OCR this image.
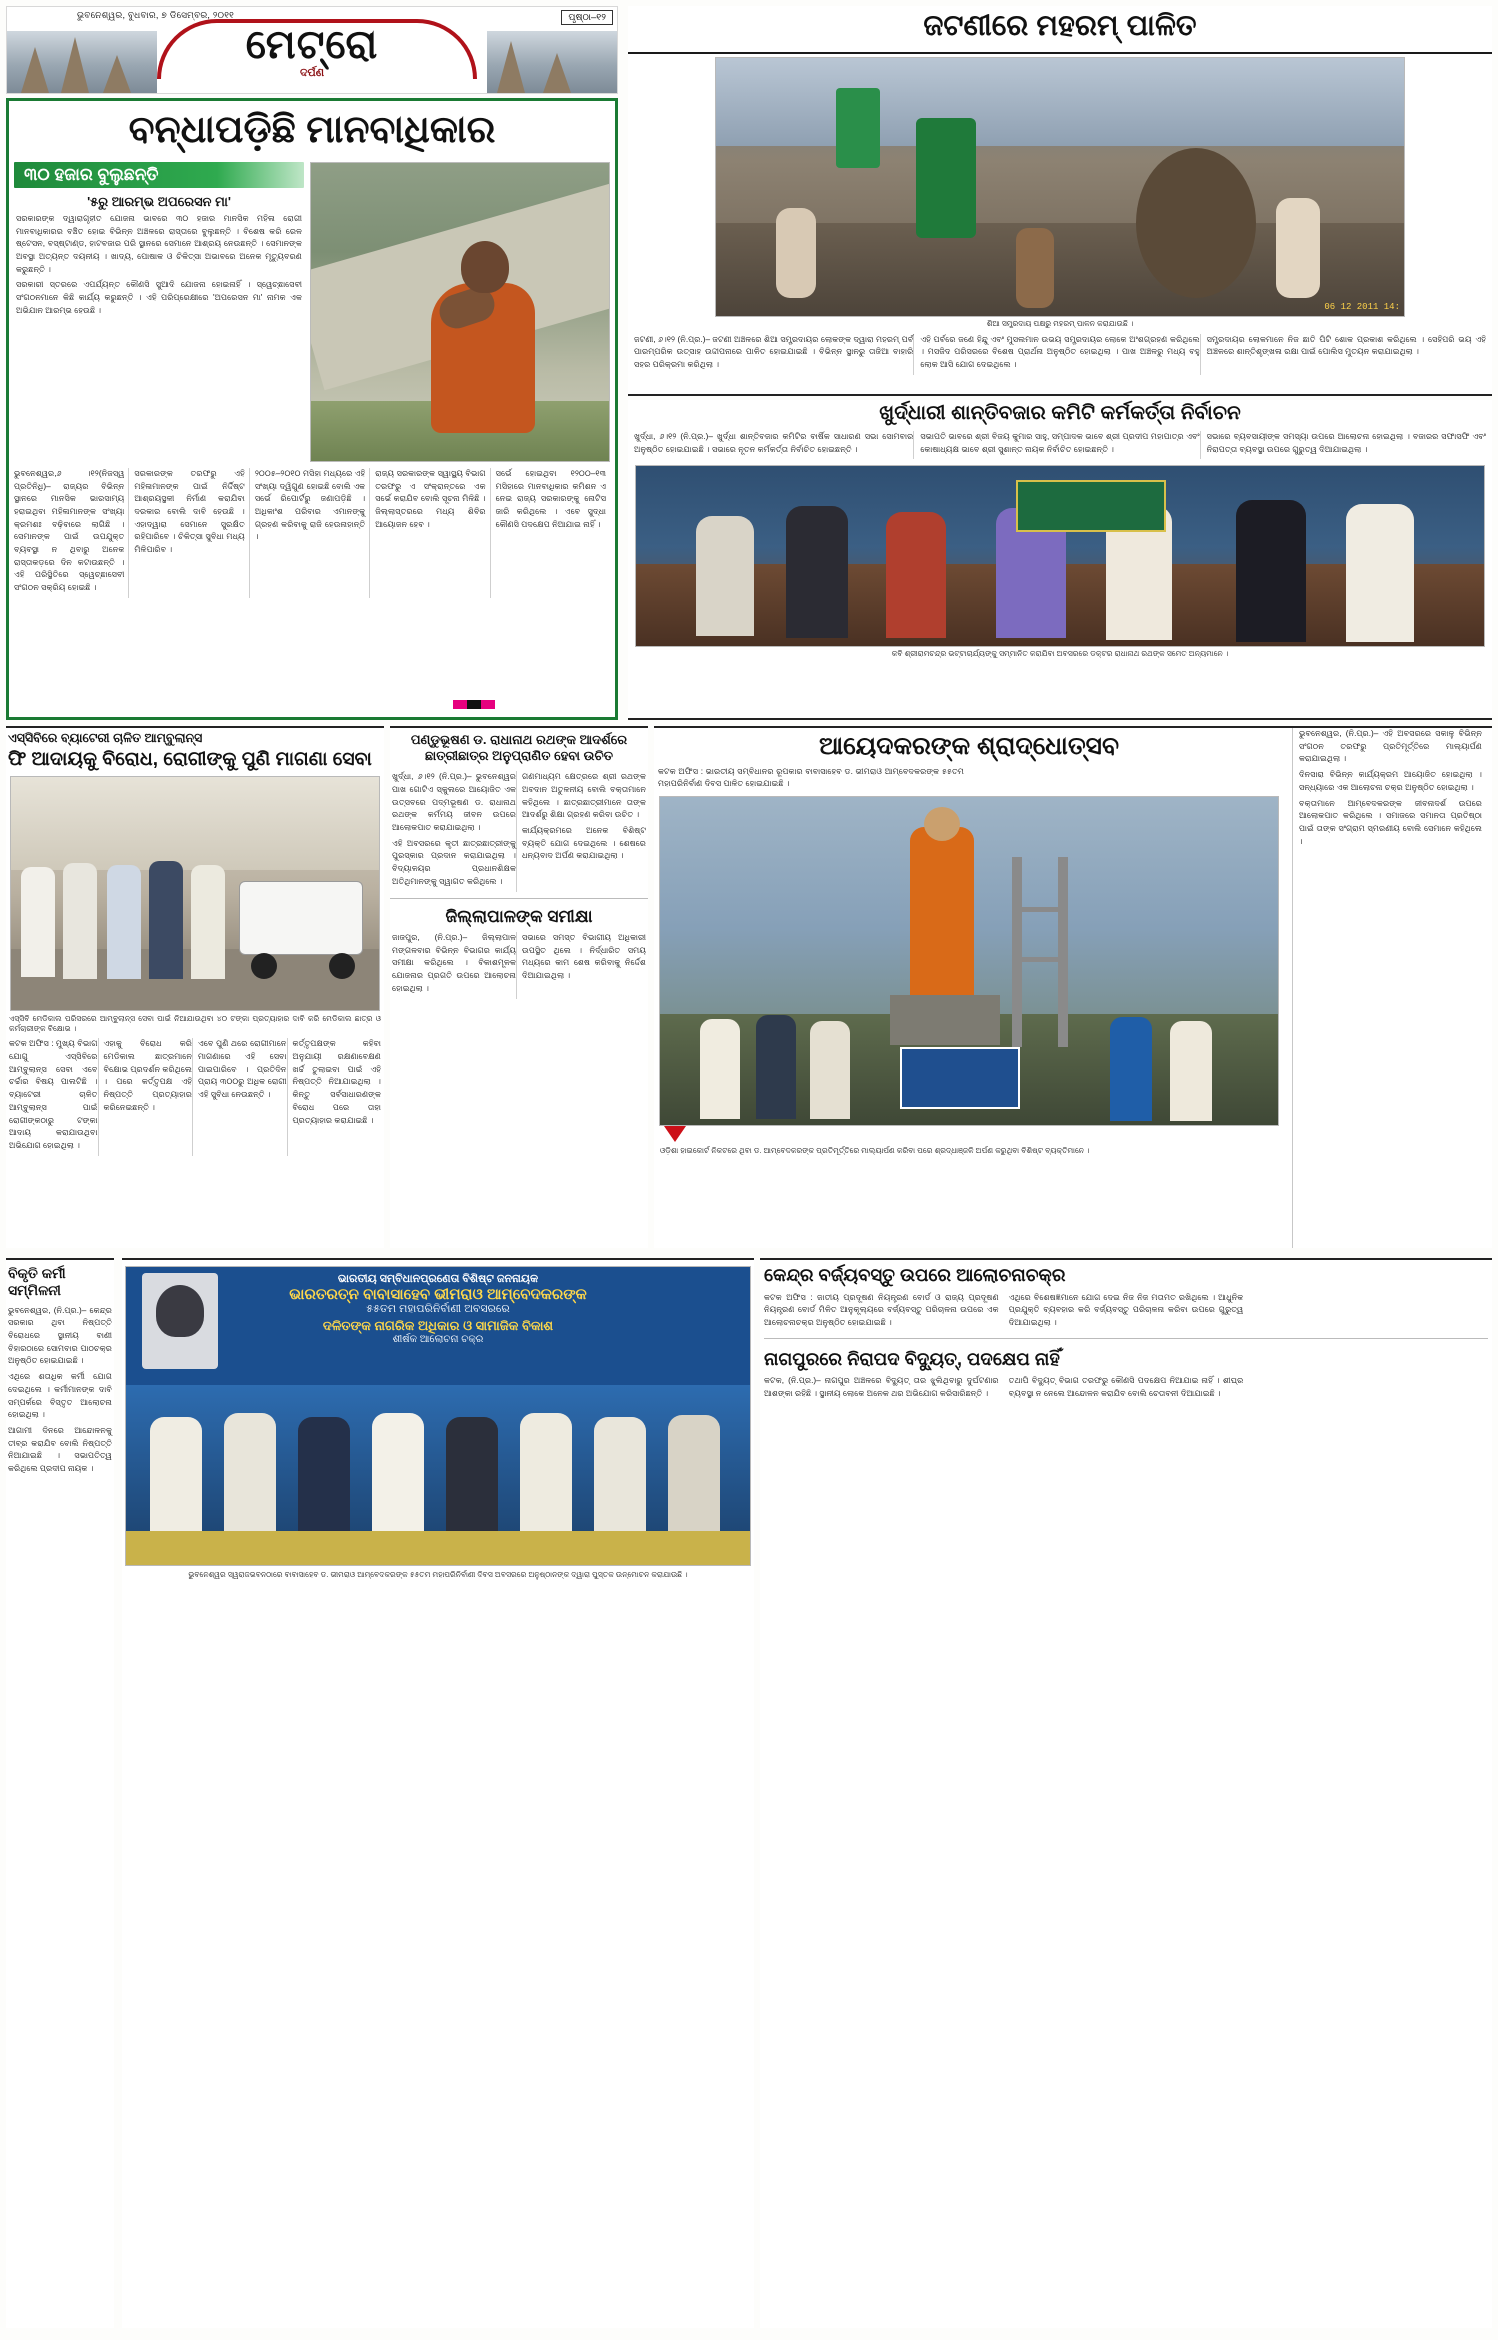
ଭୁବନେଶ୍ୱର, ବୁଧବାର, ୭ ଡିସେମ୍ବର, ୨୦୧୧	ପୃଷ୍ଠା–୧୨
ମେଟ୍ରୋ
ଦର୍ପଣ
ବନ୍ଧାପଡ଼ିଛି ମାନବାଧିକାର
୩୦ ହଜାର ବୁଲୁଛନ୍ତି
'୫ରୁ ଆରମ୍ଭ ଅପରେସନ ମା'

ସରକାରଙ୍କ ଦ୍ୱାରାଗୃହୀତ ଯୋଜନା ଭାବରେ ୩୦ ହଜାର ମାନସିକ ମହିଳା ରୋଗୀ ମାନବାଧିକାରର ବଞ୍ଚିତ ହୋଇ ବିଭିନ୍ନ ଅଞ୍ଚଳରେ ରାସ୍ତାରେ ବୁଲୁଛନ୍ତି । ବିଶେଷ କରି ରେଳ ଷ୍ଟେସନ, ବସ୍‌ଷ୍ଟାଣ୍ଡ, ହାଟବଜାର ପରି ସ୍ଥାନରେ ସେମାନେ ଆଶ୍ରୟ ନେଉଛନ୍ତି । ସେମାନଙ୍କ ଅବସ୍ଥା ଅତ୍ୟନ୍ତ ଦୟନୀୟ । ଖାଦ୍ୟ, ପୋଷାକ ଓ ଚିକିତ୍ସା ଅଭାବରେ ଅନେକ ମୃତ୍ୟୁବରଣ କରୁଛନ୍ତି ।

ସରକାରୀ ସ୍ତରରେ ଏପର୍ଯ୍ୟନ୍ତ କୌଣସି ସୁଆଦି ଯୋଜନା ହୋଇନାହିଁ । ସ୍ୱେଚ୍ଛାସେବୀ ସଂଗଠନମାନେ କିଛି କାର୍ଯ୍ୟ କରୁଛନ୍ତି । ଏହି ପରିପ୍ରେକ୍ଷୀରେ 'ଅପରେସନ ମା' ନାମକ ଏକ ଅଭିଯାନ ଆରମ୍ଭ ହେଉଛି ।

ଭୁବନେଶ୍ୱର,୬ ।୧୨(ନିଜସ୍ୱ ପ୍ରତିନିଧି)– ରାଜ୍ୟର ବିଭିନ୍ନ ସ୍ଥାନରେ ମାନସିକ ଭାରସାମ୍ୟ ହରାଇଥିବା ମହିଳାମାନଙ୍କ ସଂଖ୍ୟା କ୍ରମଶଃ ବଢ଼ିବାରେ ଲାଗିଛି । ସେମାନଙ୍କ ପାଇଁ ଉପଯୁକ୍ତ ବ୍ୟବସ୍ଥା ନ ଥିବାରୁ ଅନେକ ରାସ୍ତାକଡ଼ରେ ଦିନ କଟାଉଛନ୍ତି । ଏହି ପରିସ୍ଥିତିରେ ସ୍ୱେଚ୍ଛାସେବୀ ସଂଗଠନ ସକ୍ରିୟ ହୋଇଛି ।

ସରକାରଙ୍କ ତରଫରୁ ଏହି ମହିଳାମାନଙ୍କ ପାଇଁ ନିର୍ଦ୍ଦିଷ୍ଟ ଆଶ୍ରୟସ୍ଥଳୀ ନିର୍ମାଣ କରାଯିବା ଦରକାର ବୋଲି ଦାବି ହେଉଛି । ଏହାଦ୍ୱାରା ସେମାନେ ସୁରକ୍ଷିତ ରହିପାରିବେ । ଚିକିତ୍ସା ସୁବିଧା ମଧ୍ୟ ମିଳିପାରିବ ।

୨୦୦୫–୨୦୧୦ ମସିହା ମଧ୍ୟରେ ଏହି ସଂଖ୍ୟା ଦ୍ୱିଗୁଣ ହୋଇଛି ବୋଲି ଏକ ସର୍ଭେ ରିପୋର୍ଟରୁ ଜଣାପଡ଼ିଛି । ଅଧିକାଂଶ ପରିବାର ଏମାନଙ୍କୁ ଗ୍ରହଣ କରିବାକୁ ରାଜି ହେଉନାହାନ୍ତି ।

ରାଜ୍ୟ ସରକାରଙ୍କ ସ୍ୱାସ୍ଥ୍ୟ ବିଭାଗ ତରଫରୁ ଏ ସଂକ୍ରାନ୍ତରେ ଏକ ସର୍ଭେ କରାଯିବ ବୋଲି ସୂଚନା ମିଳିଛି । ଜିଲ୍ଲାସ୍ତରରେ ମଧ୍ୟ ଶିବିର ଆୟୋଜନ ହେବ ।

ସର୍ଭେ ହୋଇଥିବା ୧୨୦୦–୧୩ ମସିହାରେ ମାନବାଧିକାର କମିଶନ ଏ ନେଇ ରାଜ୍ୟ ସରକାରଙ୍କୁ ନୋଟିସ ଜାରି କରିଥିଲେ । ଏବେ ସୁଦ୍ଧା କୌଣସି ପଦକ୍ଷେପ ନିଆଯାଇ ନାହିଁ ।

ଜଟଣୀରେ ମହରମ୍ ପାଳିତ
06 12 2011 14:
ଶିଆ ସମ୍ପ୍ରଦାୟ ପକ୍ଷରୁ ମହରମ୍ ପାଳନ କରାଯାଉଛି ।

ଜଟଣୀ, ୬।୧୨ (ନି.ପ୍ର.)– ଜଟଣୀ ଅଞ୍ଚଳରେ ଶିଆ ସମ୍ପ୍ରଦାୟର ଲୋକଙ୍କ ଦ୍ୱାରା ମହରମ୍ ପର୍ବ ପାରମ୍ପରିକ ଉତ୍ସାହ ଉଦ୍ଦୀପନାରେ ପାଳିତ ହୋଇଯାଇଛି । ବିଭିନ୍ନ ସ୍ଥାନରୁ ତାଜିଆ ବାହାରି ସହର ପରିକ୍ରମା କରିଥିଲା ।

ଏହି ପର୍ବରେ ଜଣେ ହିନ୍ଦୁ ଏବଂ ମୁସଲମାନ ଉଭୟ ସମ୍ପ୍ରଦାୟର ଲୋକେ ଅଂଶଗ୍ରହଣ କରିଥିଲେ । ମସଜିଦ ପରିସରରେ ବିଶେଷ ପ୍ରାର୍ଥନା ଅନୁଷ୍ଠିତ ହୋଇଥିଲା । ପାଖ ଅଞ୍ଚଳରୁ ମଧ୍ୟ ବହୁ ଲୋକ ଆସି ଯୋଗ ଦେଇଥିଲେ ।

ସମ୍ପ୍ରଦାୟର ଲୋକମାନେ ନିଜ ଛାତି ପିଟି ଶୋକ ପ୍ରକାଶ କରିଥିଲେ । ସେହିପରି ଭୟ ଏହି ଅଞ୍ଚଳରେ ଶାନ୍ତିଶୃଙ୍ଖଳା ରକ୍ଷା ପାଇଁ ପୋଲିସ ମୁତୟନ କରାଯାଇଥିଲା ।

ଖୁର୍ଦ୍ଧାରୀ ଶାନ୍ତିବଜାର କମିଟି କର୍ମକର୍ତ୍ତା ନିର୍ବାଚନ

ଖୁର୍ଦ୍ଧା, ୬।୧୨ (ନି.ପ୍ର.)– ଖୁର୍ଦ୍ଧା ଶାନ୍ତିବଜାର କମିଟିର ବାର୍ଷିକ ସାଧାରଣ ସଭା ସୋମବାର ଅନୁଷ୍ଠିତ ହୋଇଯାଇଛି । ସଭାରେ ନୂତନ କର୍ମକର୍ତ୍ତା ନିର୍ବାଚିତ ହୋଇଛନ୍ତି ।

ସଭାପତି ଭାବରେ ଶ୍ରୀ ବିଜୟ କୁମାର ସାହୁ, ସମ୍ପାଦକ ଭାବେ ଶ୍ରୀ ପ୍ରଦୀପ ମହାପାତ୍ର ଏବଂ କୋଷାଧ୍ୟକ୍ଷ ଭାବେ ଶ୍ରୀ ସୁଶାନ୍ତ ନାୟକ ନିର୍ବାଚିତ ହୋଇଛନ୍ତି ।

ସଭାରେ ବ୍ୟବସାୟୀଙ୍କ ସମସ୍ୟା ଉପରେ ଆଲୋଚନା ହୋଇଥିଲା । ବଜାରର ସଫାସଫି ଏବଂ ନିରାପତ୍ତା ବ୍ୟବସ୍ଥା ଉପରେ ଗୁରୁତ୍ୱ ଦିଆଯାଇଥିଲା ।

କବି ଶ୍ରୀରାମଚନ୍ଦ୍ର ଭଟ୍ଟାଚାର୍ଯ୍ୟଙ୍କୁ ସମ୍ମାନିତ କରାଯିବା ଅବସରରେ ଡକ୍ଟର ରାଧାନାଥ ରଥଙ୍କ ସମେତ ଅନ୍ୟମାନେ ।
ଏସ୍‌ସିବିରେ ବ୍ୟାଟେରୀ ଚାଳିତ ଆମ୍ବୁଲାନ୍ସ
ଫି ଆଦାୟକୁ ବିରୋଧ, ରୋଗୀଙ୍କୁ ପୁଣି ମାଗଣା ସେବା
ଏସ୍‌ସିବି ମେଡିକାଲ ପରିସରରେ ଆମ୍ବୁଲାନ୍ସ ସେବା ପାଇଁ ନିଆଯାଉଥିବା ୪୦ ଟଙ୍କା ପ୍ରତ୍ୟାହାର ଦାବି କରି ମେଡିକାଲ ଛାତ୍ର ଓ କର୍ମଚାରୀଙ୍କ ବିକ୍ଷୋଭ ।

କଟକ ଅଫିସ : ମୁଖ୍ୟ ବିଭାଗ ଯୋଗୁ ଏସ୍‌ସିବିରେ ଆମ୍ବୁଲାନ୍ସ ସେବା ଏବେ ଚର୍ଚ୍ଚାର ବିଷୟ ପାଲଟିଛି । ବ୍ୟାଟେରୀ ଚାଳିତ ଆମ୍ବୁଲାନ୍ସ ପାଇଁ ରୋଗୀଙ୍କଠାରୁ ଟଙ୍କା ଆଦାୟ କରାଯାଉଥିବା ଅଭିଯୋଗ ହୋଇଥିଲା ।

ଏହାକୁ ବିରୋଧ କରି ମେଡିକାଲ ଛାତ୍ରମାନେ ବିକ୍ଷୋଭ ପ୍ରଦର୍ଶନ କରିଥିଲେ । ପରେ କର୍ତ୍ତୃପକ୍ଷ ଏହି ନିଷ୍ପତ୍ତି ପ୍ରତ୍ୟାହାର କରିନେଇଛନ୍ତି ।

ଏବେ ପୁଣି ଥରେ ରୋଗୀମାନେ ମାଗଣାରେ ଏହି ସେବା ପାଇପାରିବେ । ପ୍ରତିଦିନ ପ୍ରାୟ ୩୦୦ରୁ ଅଧିକ ରୋଗୀ ଏହି ସୁବିଧା ନେଉଛନ୍ତି ।

କର୍ତ୍ତୃପକ୍ଷଙ୍କ କହିବା ଅନୁଯାୟୀ ରକ୍ଷଣାବେକ୍ଷଣ ଖର୍ଚ୍ଚ ତୁଲାଇବା ପାଇଁ ଏହି ନିଷ୍ପତ୍ତି ନିଆଯାଇଥିଲା । କିନ୍ତୁ ସର୍ବସାଧାରଣଙ୍କ ବିରୋଧ ପରେ ତାହା ପ୍ରତ୍ୟାହାର କରାଯାଇଛି ।

ପଣ୍ଡୁଭୂଷଣ ଡ. ରାଧାନାଥ ରଥଙ୍କ ଆଦର୍ଶରେ ଛାତ୍ରୀଛାତ୍ର ଅନୁପ୍ରାଣିତ ହେବା ଉଚିତ

ଖୁର୍ଦ୍ଧା, ୬।୧୨ (ନି.ପ୍ର.)– ଭୁବନେଶ୍ୱର ପାଖ ଗୋଟିଏ ସ୍କୁଲରେ ଆୟୋଜିତ ଏକ ଉତ୍ସବରେ ପଦ୍ମଭୂଷଣ ଡ. ରାଧାନାଥ ରଥଙ୍କ କର୍ମମୟ ଜୀବନ ଉପରେ ଆଲୋକପାତ କରାଯାଇଥିଲା ।

ଏହି ଅବସରରେ କୃତୀ ଛାତ୍ରଛାତ୍ରୀଙ୍କୁ ପୁରସ୍କାର ପ୍ରଦାନ କରାଯାଇଥିଲା । ବିଦ୍ୟାଳୟର ପ୍ରଧାନଶିକ୍ଷକ ଅତିଥିମାନଙ୍କୁ ସ୍ୱାଗତ କରିଥିଲେ ।

ଗଣମାଧ୍ୟମ କ୍ଷେତ୍ରରେ ଶ୍ରୀ ରଥଙ୍କ ଅବଦାନ ଅତୁଳନୀୟ ବୋଲି ବକ୍ତାମାନେ କହିଥିଲେ । ଛାତ୍ରଛାତ୍ରୀମାନେ ତାଙ୍କ ଆଦର୍ଶରୁ ଶିକ୍ଷା ଗ୍ରହଣ କରିବା ଉଚିତ ।

କାର୍ଯ୍ୟକ୍ରମରେ ଅନେକ ବିଶିଷ୍ଟ ବ୍ୟକ୍ତି ଯୋଗ ଦେଇଥିଲେ । ଶେଷରେ ଧନ୍ୟବାଦ ଅର୍ପଣ କରାଯାଇଥିଲା ।

ଜିଲ୍ଲାପାଳଙ୍କ ସମୀକ୍ଷା

ଜାଜପୁର, (ନି.ପ୍ର.)– ଜିଲ୍ଲାପାଳ ମଙ୍ଗଳବାର ବିଭିନ୍ନ ବିଭାଗର କାର୍ଯ୍ୟ ସମୀକ୍ଷା କରିଥିଲେ । ବିକାଶମୂଳକ ଯୋଜନାର ପ୍ରଗତି ଉପରେ ଆଲୋଚନା ହୋଇଥିଲା ।

ସଭାରେ ସମସ୍ତ ବିଭାଗୀୟ ଅଧିକାରୀ ଉପସ୍ଥିତ ଥିଲେ । ନିର୍ଦ୍ଧାରିତ ସମୟ ମଧ୍ୟରେ କାମ ଶେଷ କରିବାକୁ ନିର୍ଦ୍ଦେଶ ଦିଆଯାଇଥିଲା ।

ଆୟେଦକରଙ୍କ ଶ୍ରାଦ୍ଧୋତ୍ସବ

କଟକ ଅଫିସ : ଭାରତୀୟ ସମ୍ବିଧାନର ରୂପକାର ବାବାସାହେବ ଡ. ଭୀମରାଓ ଆମ୍ବେଦକରଙ୍କ ୫୫ତମ ମହାପରିନିର୍ବାଣ ଦିବସ ପାଳିତ ହୋଇଯାଇଛି ।

ଓଡ଼ିଶା ହାଇକୋର୍ଟ ନିକଟରେ ଥିବା ଡ. ଆମ୍ବେଦକରଙ୍କ ପ୍ରତିମୂର୍ତ୍ତିରେ ମାଲ୍ୟାର୍ପଣ କରିବା ପରେ ଶ୍ରଦ୍ଧାଞ୍ଜଳି ଅର୍ପଣ କରୁଥିବା ବିଶିଷ୍ଟ ବ୍ୟକ୍ତିମାନେ ।

ଭୁବନେଶ୍ୱର, (ନି.ପ୍ର.)– ଏହି ଅବସରରେ ସକାଳୁ ବିଭିନ୍ନ ସଂଗଠନ ତରଫରୁ ପ୍ରତିମୂର୍ତ୍ତିରେ ମାଲ୍ୟାର୍ପଣ କରାଯାଇଥିଲା ।

ଦିନସାରା ବିଭିନ୍ନ କାର୍ଯ୍ୟକ୍ରମ ଆୟୋଜିତ ହୋଇଥିଲା । ସନ୍ଧ୍ୟାରେ ଏକ ଆଲୋଚନା ଚକ୍ର ଅନୁଷ୍ଠିତ ହୋଇଥିଲା ।

ବକ୍ତାମାନେ ଆମ୍ବେଦକରଙ୍କ ଜୀବନାଦର୍ଶ ଉପରେ ଆଲୋକପାତ କରିଥିଲେ । ସମାଜରେ ସମାନତା ପ୍ରତିଷ୍ଠା ପାଇଁ ତାଙ୍କ ସଂଗ୍ରାମ ସ୍ମରଣୀୟ ବୋଲି ସେମାନେ କହିଥିଲେ ।

ବିକୃତି କର୍ମୀ ସମ୍ମିଳନୀ

ଭୁବନେଶ୍ୱର, (ନି.ପ୍ର.)– କେନ୍ଦ୍ର ସରକାର ଥିବା ନିଷ୍ପତ୍ତି ବିରୋଧରେ ସ୍ଥାନୀୟ ବାଣୀ ବିହାରଠାରେ ସୋମବାର ପାଠଚକ୍ର ଅନୁଷ୍ଠିତ ହୋଇଯାଇଛି ।

ଏଥିରେ ଶତାଧିକ କର୍ମୀ ଯୋଗ ଦେଇଥିଲେ । କର୍ମୀମାନଙ୍କ ଦାବି ସମ୍ପର୍କରେ ବିସ୍ତୃତ ଆଲୋଚନା ହୋଇଥିଲା ।

ଆଗାମୀ ଦିନରେ ଆନ୍ଦୋଳନକୁ ତୀବ୍ର କରାଯିବ ବୋଲି ନିଷ୍ପତ୍ତି ନିଆଯାଇଛି । ସଭାପତିତ୍ୱ କରିଥିଲେ ପ୍ରଦୀପ ନାୟକ ।

ଭାରତୀୟ ସମ୍ବିଧାନପ୍ରଣେତା ବିଶିଷ୍ଟ ଜନନାୟକ
ଭାରତରତ୍ନ ବାବାସାହେବ ଭୀମରାଓ ଆମ୍ବେଦକରଙ୍କ
୫୫ତମ ମହାପରିନିର୍ବାଣୀ ଅବସରରେ
ଦଳିତଙ୍କ ନାଗରିକ ଅଧିକାର ଓ ସାମାଜିକ ବିକାଶ
ଶୀର୍ଷକ ଆଲୋଚନା ଚକ୍ର
ଭୁବନେଶ୍ୱର ସ୍ୱରାଜଭବନଠାରେ ବାବାସାହେବ ଡ. ଭୀମରାଓ ଆମ୍ବେଦକରଙ୍କ ୫୫ତମ ମହାପରିନିର୍ବାଣୀ ଦିବସ ଅବସରରେ ଅନୁଷ୍ଠାନଙ୍କ ଦ୍ୱାରା ପୁସ୍ତକ ଉନ୍ମୋଚନ କରାଯାଉଛି ।
କେନ୍ଦ୍ର ବର୍ଜ୍ୟବସ୍ତୁ ଉପରେ ଆଲୋଚନାଚକ୍ର

କଟକ ଅଫିସ : ଜାତୀୟ ପ୍ରଦୂଷଣ ନିୟନ୍ତ୍ରଣ ବୋର୍ଡ ଓ ରାଜ୍ୟ ପ୍ରଦୂଷଣ ନିୟନ୍ତ୍ରଣ ବୋର୍ଡ ମିଳିତ ଆନୁକୂଲ୍ୟରେ ବର୍ଜ୍ୟବସ୍ତୁ ପରିଚାଳନା ଉପରେ ଏକ ଆଲୋଚନାଚକ୍ର ଅନୁଷ୍ଠିତ ହୋଇଯାଇଛି ।

ଏଥିରେ ବିଶେଷଜ୍ଞମାନେ ଯୋଗ ଦେଇ ନିଜ ନିଜ ମତାମତ ରଖିଥିଲେ । ଆଧୁନିକ ପ୍ରଯୁକ୍ତି ବ୍ୟବହାର କରି ବର୍ଜ୍ୟବସ୍ତୁ ପରିଚାଳନା କରିବା ଉପରେ ଗୁରୁତ୍ୱ ଦିଆଯାଇଥିଲା ।

ନାଗପୁରରେ ନିରାପଦ ବିଦ୍ୟୁତ୍, ପଦକ୍ଷେପ ନାହିଁ

କଟକ, (ନି.ପ୍ର.)– ନାଗପୁର ଅଞ୍ଚଳରେ ବିଦ୍ୟୁତ୍ ତାର ଝୁଲିଥିବାରୁ ଦୁର୍ଘଟଣାର ଆଶଙ୍କା ରହିଛି । ସ୍ଥାନୀୟ ଲୋକେ ଅନେକ ଥର ଅଭିଯୋଗ କରିସାରିଛନ୍ତି ।

ତଥାପି ବିଦ୍ୟୁତ୍ ବିଭାଗ ତରଫରୁ କୌଣସି ପଦକ୍ଷେପ ନିଆଯାଇ ନାହିଁ । ଶୀଘ୍ର ବ୍ୟବସ୍ଥା ନ ନେଲେ ଆନ୍ଦୋଳନ କରାଯିବ ବୋଲି ଚେତାବନୀ ଦିଆଯାଇଛି ।
